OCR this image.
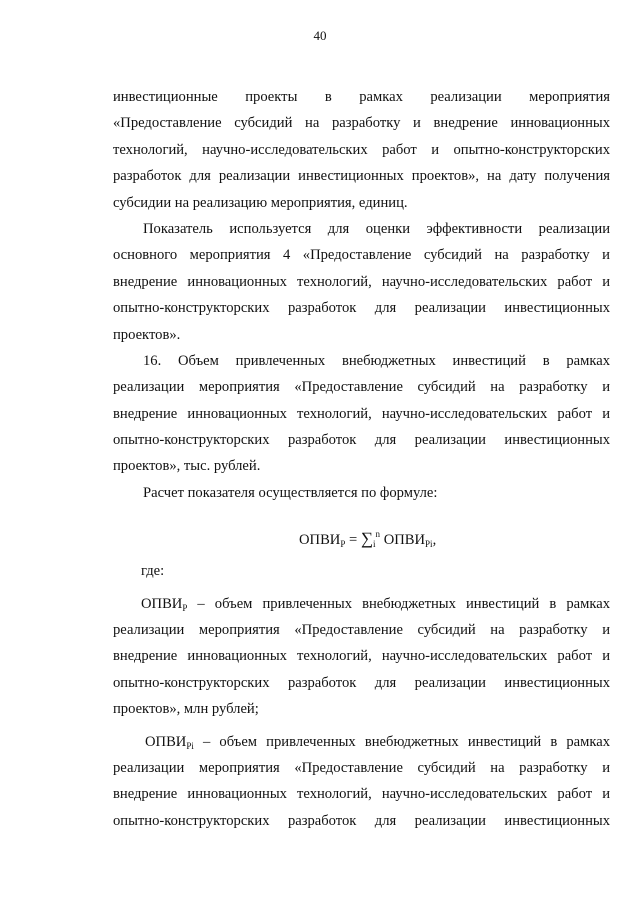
40
инвестиционные проекты в рамках реализации мероприятия
«Предоставление субсидий на разработку и внедрение инновационных
технологий, научно-исследовательских работ и опытно-конструкторских
разработок для реализации инвестиционных проектов», на дату получения
субсидии на реализацию мероприятия, единиц.
Показатель используется для оценки эффективности реализации
основного мероприятия 4 «Предоставление субсидий на разработку и
внедрение инновационных технологий, научно-исследовательских работ и
опытно-конструкторских разработок для реализации инвестиционных
проектов».
16. Объем привлеченных внебюджетных инвестиций в рамках
реализации мероприятия «Предоставление субсидий на разработку и
внедрение инновационных технологий, научно-исследовательских работ и
опытно-конструкторских разработок для реализации инвестиционных
проектов», тыс. рублей.
Расчет показателя осуществляется по формуле:
$ОПВИ_Р = \sum_i^n$ $ОПВИ_{Рi}$,
где:
$ОПВИ_Р$ – объем привлеченных внебюджетных инвестиций в рамках
реализации мероприятия «Предоставление субсидий на разработку и
внедрение инновационных технологий, научно-исследовательских работ и
опытно-конструкторских разработок для реализации инвестиционных
проектов», млн рублей;
$ОПВИ_{Рi}$ – объем привлеченных внебюджетных инвестиций в рамках
реализации мероприятия «Предоставление субсидий на разработку и
внедрение инновационных технологий, научно-исследовательских работ и
опытно-конструкторских разработок для реализации инвестиционных
